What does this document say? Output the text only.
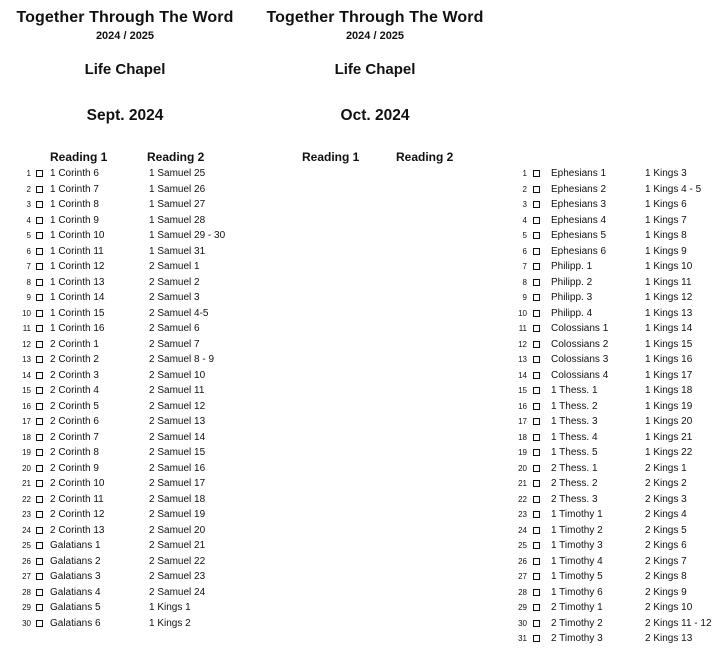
Together Through The Word
2024 / 2025
Life Chapel
Sept. 2024
Reading 1	Reading 2
1 1 Corinth 6	1 Samuel 25
2 1 Corinth 7	1 Samuel 26
3 1 Corinth 8	1 Samuel 27
4 1 Corinth 9	1 Samuel 28
5 1 Corinth 10	1 Samuel 29 - 30
6 1 Corinth 11	1 Samuel 31
7 1 Corinth 12	2 Samuel 1
8 1 Corinth 13	2 Samuel 2
9 1 Corinth 14	2 Samuel 3
10 1 Corinth 15	2 Samuel 4-5
11 1 Corinth 16	2 Samuel 6
12 2 Corinth 1	2 Samuel 7
13 2 Corinth 2	2 Samuel 8 - 9
14 2 Corinth 3	2 Samuel 10
15 2 Corinth 4	2 Samuel 11
16 2 Corinth 5	2 Samuel 12
17 2 Corinth 6	2 Samuel 13
18 2 Corinth 7	2 Samuel 14
19 2 Corinth 8	2 Samuel 15
20 2 Corinth 9	2 Samuel 16
21 2 Corinth 10	2 Samuel 17
22 2 Corinth 11	2 Samuel 18
23 2 Corinth 12	2 Samuel 19
24 2 Corinth 13	2 Samuel 20
25 Galatians 1	2 Samuel 21
26 Galatians 2	2 Samuel 22
27 Galatians 3	2 Samuel 23
28 Galatians 4	2 Samuel 24
29 Galatians 5	1 Kings 1
30 Galatians 6	1 Kings 2
Together Through The Word
2024 / 2025
Life Chapel
Oct. 2024
Reading 1	Reading 2
1 Ephesians 1	1 Kings 3
2 Ephesians 2	1 Kings 4 - 5
3 Ephesians 3	1 Kings 6
4 Ephesians 4	1 Kings 7
5 Ephesians 5	1 Kings 8
6 Ephesians 6	1 Kings 9
7 Philipp. 1	1 Kings 10
8 Philipp. 2	1 Kings 11
9 Philipp. 3	1 Kings 12
10 Philipp. 4	1 Kings 13
11 Colossians 1	1 Kings 14
12 Colossians 2	1 Kings 15
13 Colossians 3	1 Kings 16
14 Colossians 4	1 Kings 17
15 1 Thess. 1	1 Kings 18
16 1 Thess. 2	1 Kings 19
17 1 Thess. 3	1 Kings 20
18 1 Thess. 4	1 Kings 21
19 1 Thess. 5	1 Kings 22
20 2 Thess. 1	2 Kings 1
21 2 Thess. 2	2 Kings 2
22 2 Thess. 3	2 Kings 3
23 1 Timothy 1	2 Kings 4
24 1 Timothy 2	2 Kings 5
25 1 Timothy 3	2 Kings 6
26 1 Timothy 4	2 Kings 7
27 1 Timothy 5	2 Kings 8
28 1 Timothy 6	2 Kings 9
29 2 Timothy 1	2 Kings 10
30 2 Timothy 2	2 Kings 11 - 12
31 2 Timothy 3	2 Kings 13
